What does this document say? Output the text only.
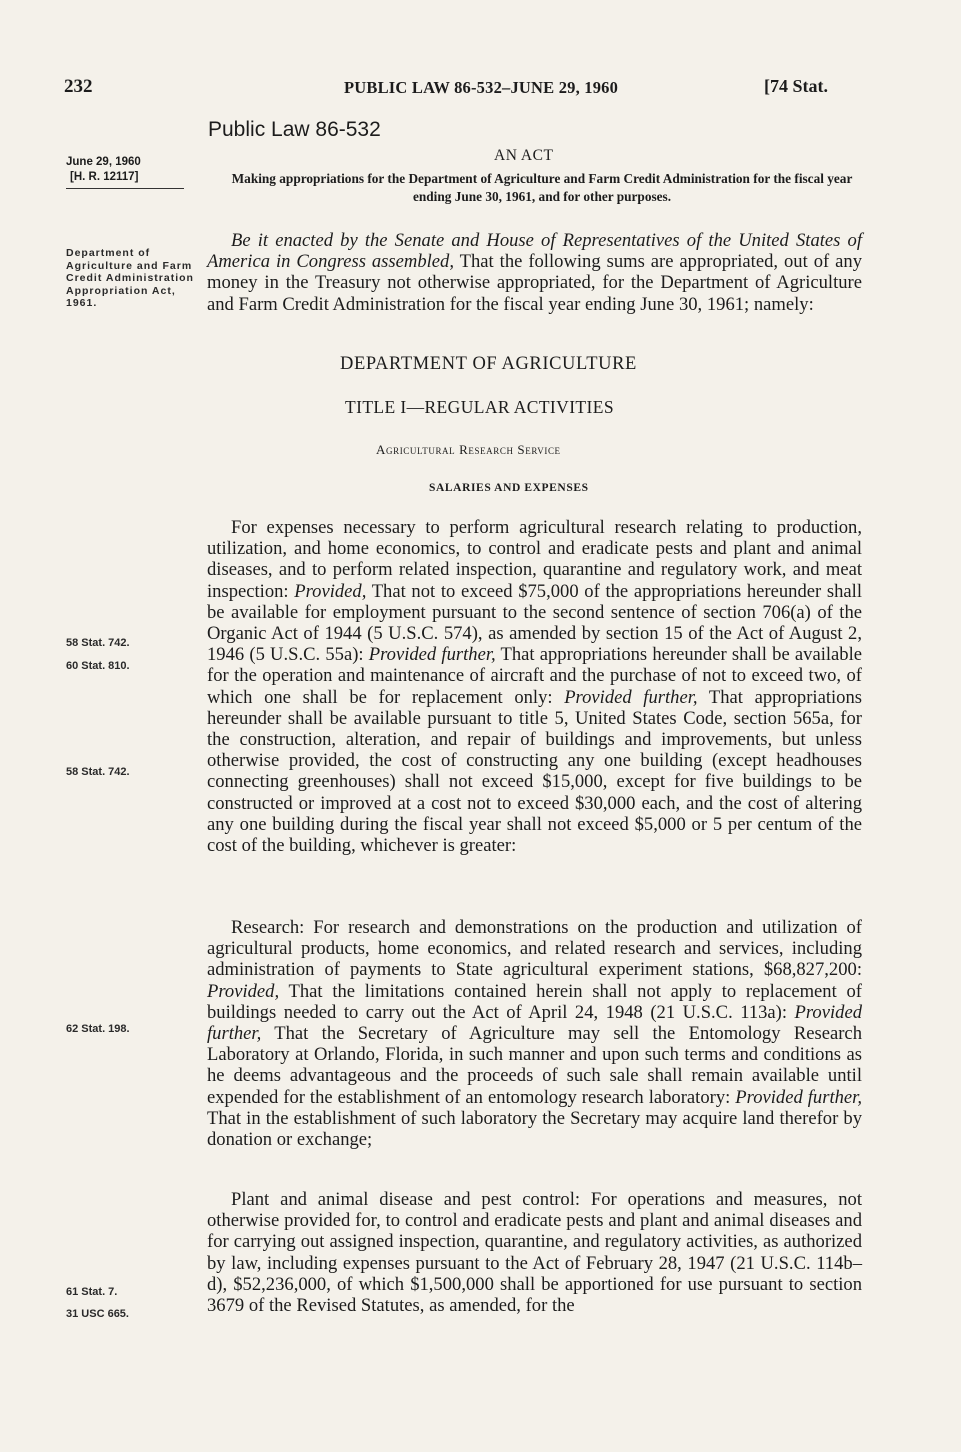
232	PUBLIC LAW 86-532–JUNE 29, 1960	[74 Stat.
Public Law 86-532
AN ACT
Making appropriations for the Department of Agriculture and Farm Credit Administration for the fiscal year ending June 30, 1961, and for other purposes.
June 29, 1960
[H. R. 12117]
Department of Agriculture and Farm Credit Administration Appropriation Act, 1961.
58 Stat. 742.
60 Stat. 810.
58 Stat. 742.
62 Stat. 198.
61 Stat. 7.
31 USC 665.
Be it enacted by the Senate and House of Representatives of the United States of America in Congress assembled, That the following sums are appropriated, out of any money in the Treasury not otherwise appropriated, for the Department of Agriculture and Farm Credit Administration for the fiscal year ending June 30, 1961; namely:
DEPARTMENT OF AGRICULTURE
TITLE I—REGULAR ACTIVITIES
Agricultural Research Service
SALARIES AND EXPENSES
For expenses necessary to perform agricultural research relating to production, utilization, and home economics, to control and eradicate pests and plant and animal diseases, and to perform related inspection, quarantine and regulatory work, and meat inspection: Provided, That not to exceed $75,000 of the appropriations hereunder shall be available for employment pursuant to the second sentence of section 706(a) of the Organic Act of 1944 (5 U.S.C. 574), as amended by section 15 of the Act of August 2, 1946 (5 U.S.C. 55a): Provided further, That appropriations hereunder shall be available for the operation and maintenance of aircraft and the purchase of not to exceed two, of which one shall be for replacement only: Provided further, That appropriations hereunder shall be available pursuant to title 5, United States Code, section 565a, for the construction, alteration, and repair of buildings and improvements, but unless otherwise provided, the cost of constructing any one building (except headhouses connecting greenhouses) shall not exceed $15,000, except for five buildings to be constructed or improved at a cost not to exceed $30,000 each, and the cost of altering any one building during the fiscal year shall not exceed $5,000 or 5 per centum of the cost of the building, whichever is greater:
Research: For research and demonstrations on the production and utilization of agricultural products, home economics, and related research and services, including administration of payments to State agricultural experiment stations, $68,827,200: Provided, That the limitations contained herein shall not apply to replacement of buildings needed to carry out the Act of April 24, 1948 (21 U.S.C. 113a): Provided further, That the Secretary of Agriculture may sell the Entomology Research Laboratory at Orlando, Florida, in such manner and upon such terms and conditions as he deems advantageous and the proceeds of such sale shall remain available until expended for the establishment of an entomology research laboratory: Provided further, That in the establishment of such laboratory the Secretary may acquire land therefor by donation or exchange;
Plant and animal disease and pest control: For operations and measures, not otherwise provided for, to control and eradicate pests and plant and animal diseases and for carrying out assigned inspection, quarantine, and regulatory activities, as authorized by law, including expenses pursuant to the Act of February 28, 1947 (21 U.S.C. 114b–d), $52,236,000, of which $1,500,000 shall be apportioned for use pursuant to section 3679 of the Revised Statutes, as amended, for the
